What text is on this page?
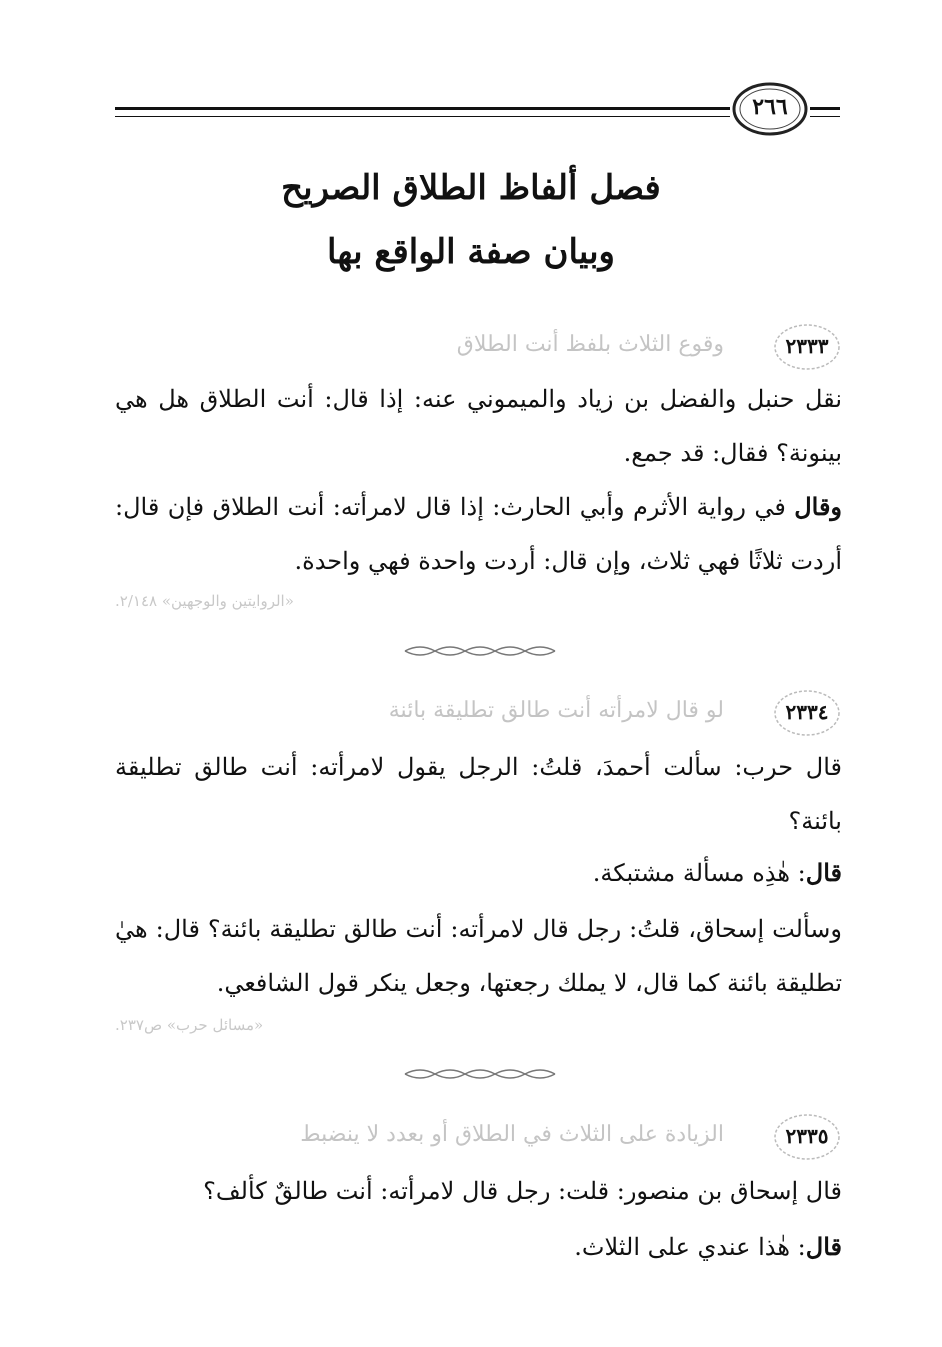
٢٦٦
فصل ألفاظ الطلاق الصريح
وبيان صفة الواقع بها
٢٣٣٣
وقوع الثلاث بلفظ أنت الطلاق
نقل حنبل والفضل بن زياد والميموني عنه: إذا قال: أنت الطلاق هل هي بينونة؟ فقال: قد جمع.
وقال في رواية الأثرم وأبي الحارث: إذا قال لامرأته: أنت الطلاق فإن قال: أردت ثلاثًا فهي ثلاث، وإن قال: أردت واحدة فهي واحدة.
«الروايتين والوجهين» ٢/١٤٨.
٢٣٣٤
لو قال لامرأته أنت طالق تطليقة بائنة
قال حرب: سألت أحمدَ، قلتُ: الرجل يقول لامرأته: أنت طالق تطليقة بائنة؟
قال: هٰذِه مسألة مشتبكة.
وسألت إسحاق، قلتُ: رجل قال لامرأته: أنت طالق تطليقة بائنة؟ قال: هيٰ تطليقة بائنة كما قال، لا يملك رجعتها، وجعل ينكر قول الشافعي.
«مسائل حرب» ص٢٣٧.
٢٣٣٥
الزيادة على الثلاث في الطلاق أو بعدد لا ينضبط
قال إسحاق بن منصور: قلت: رجل قال لامرأته: أنت طالقٌ كألف؟
قال: هٰذا عندي على الثلاث.
